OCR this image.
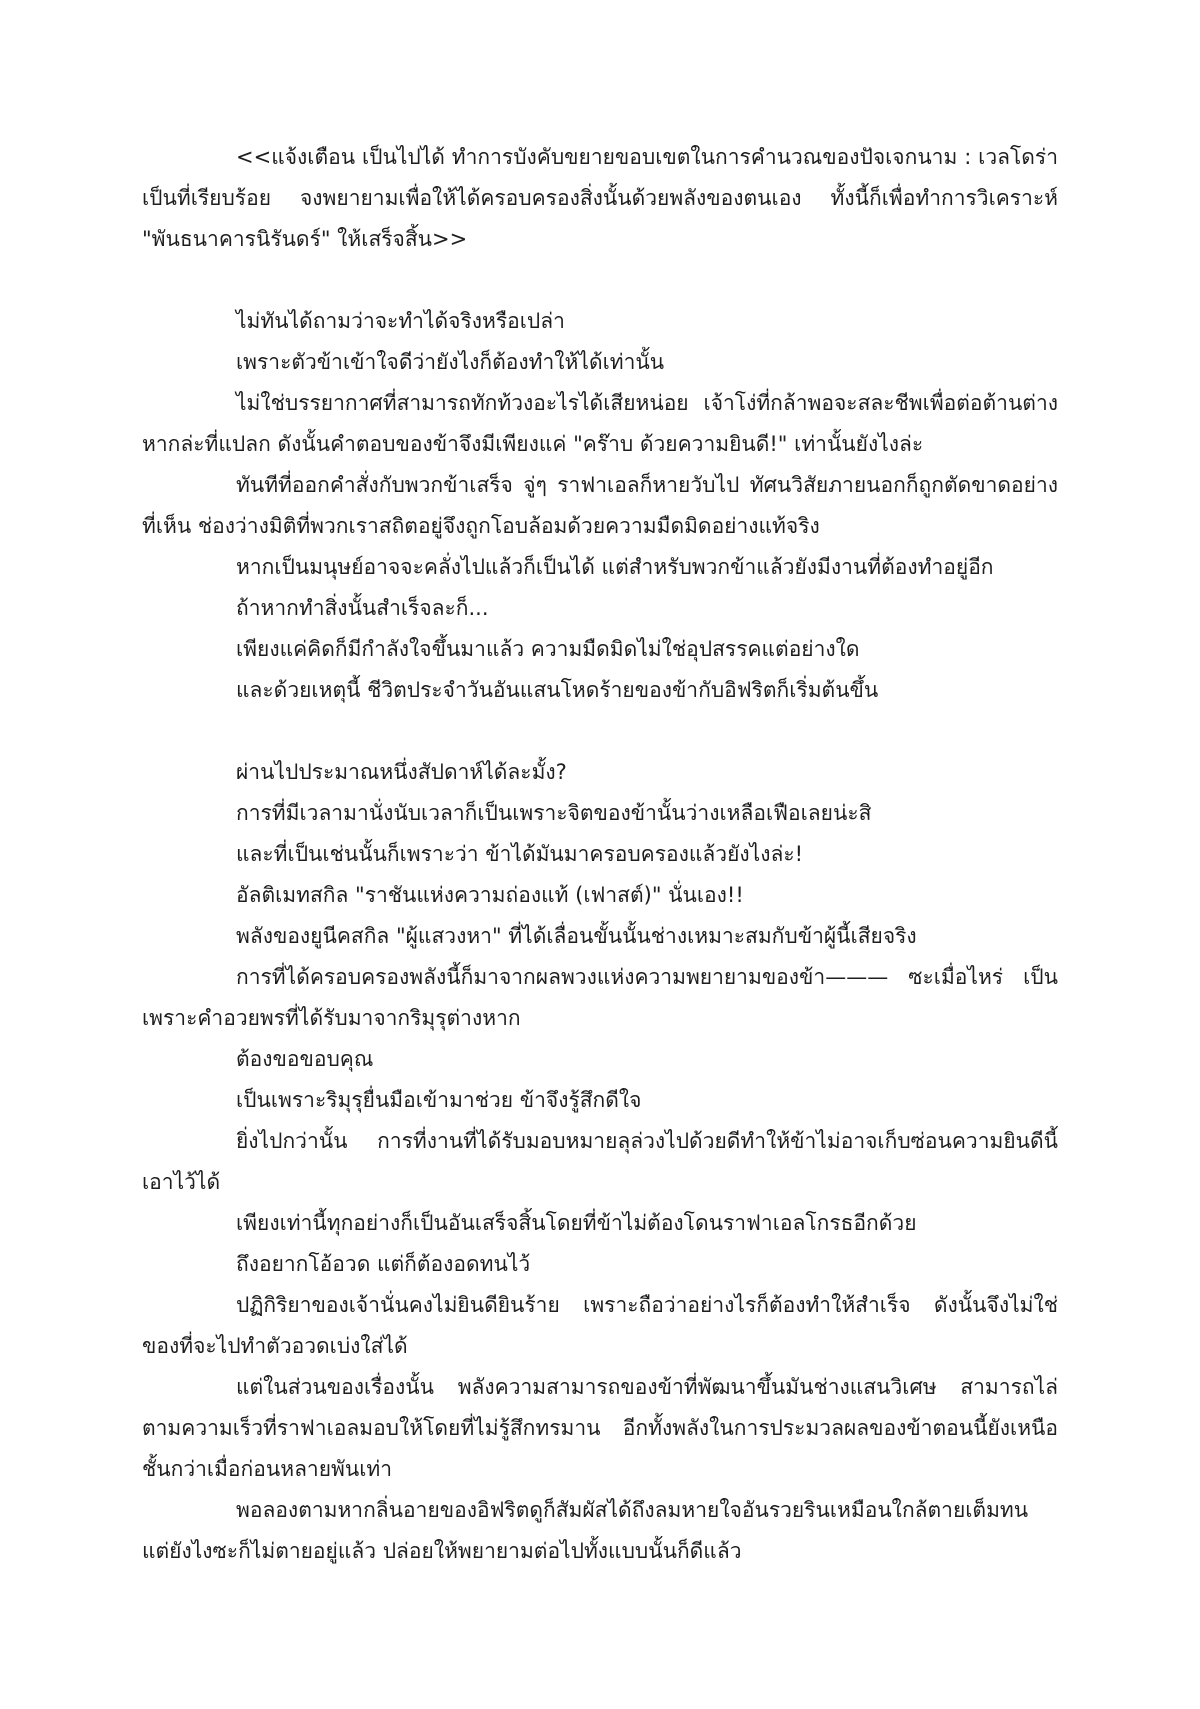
<<แจ้งเตือน เป็นไปได้ ทำการบังคับขยายขอบเขตในการคำนวณของปัจเจกนาม : เวลโดร่า เป็นที่เรียบร้อย จงพยายามเพื่อให้ได้ครอบครองสิ่งนั้นด้วยพลังของตนเอง ทั้งนี้ก็เพื่อทำการวิเคราะห์ "พันธนาคารนิรันดร์" ให้เสร็จสิ้น>>

ไม่ทันได้ถามว่าจะทำได้จริงหรือเปล่า

เพราะตัวข้าเข้าใจดีว่ายังไงก็ต้องทำให้ได้เท่านั้น

ไม่ใช่บรรยากาศที่สามารถทักท้วงอะไรได้เสียหน่อย เจ้าโง่ที่กล้าพอจะสละชีพเพื่อต่อต้านต่างหากล่ะที่แปลก ดังนั้นคำตอบของข้าจึงมีเพียงแค่ "คร๊าบ ด้วยความยินดี!" เท่านั้นยังไงล่ะ

ทันทีที่ออกคำสั่งกับพวกข้าเสร็จ จู่ๆ ราฟาเอลก็หายวับไป ทัศนวิสัยภายนอกก็ถูกตัดขาดอย่างที่เห็น ช่องว่างมิติที่พวกเราสถิตอยู่จึงถูกโอบล้อมด้วยความมืดมิดอย่างแท้จริง

หากเป็นมนุษย์อาจจะคลั่งไปแล้วก็เป็นได้ แต่สำหรับพวกข้าแล้วยังมีงานที่ต้องทำอยู่อีก

ถ้าหากทำสิ่งนั้นสำเร็จละก็...

เพียงแค่คิดก็มีกำลังใจขึ้นมาแล้ว ความมืดมิดไม่ใช่อุปสรรคแต่อย่างใด

และด้วยเหตุนี้ ชีวิตประจำวันอันแสนโหดร้ายของข้ากับอิฟริตก็เริ่มต้นขึ้น

ผ่านไปประมาณหนึ่งสัปดาห์ได้ละมั้ง?

การที่มีเวลามานั่งนับเวลาก็เป็นเพราะจิตของข้านั้นว่างเหลือเฟือเลยน่ะสิ

และที่เป็นเช่นนั้นก็เพราะว่า ข้าได้มันมาครอบครองแล้วยังไงล่ะ!

อัลติเมทสกิล "ราชันแห่งความถ่องแท้ (เฟาสต์)" นั่นเอง!!

พลังของยูนีคสกิล "ผู้แสวงหา" ที่ได้เลื่อนขั้นนั้นช่างเหมาะสมกับข้าผู้นี้เสียจริง

การที่ได้ครอบครองพลังนี้ก็มาจากผลพวงแห่งความพยายามของข้า——— ซะเมื่อไหร่ เป็นเพราะคำอวยพรที่ได้รับมาจากริมุรุต่างหาก

ต้องขอขอบคุณ

เป็นเพราะริมุรุยื่นมือเข้ามาช่วย ข้าจึงรู้สึกดีใจ

ยิ่งไปกว่านั้น การที่งานที่ได้รับมอบหมายลุล่วงไปด้วยดีทำให้ข้าไม่อาจเก็บซ่อนความยินดีนี้เอาไว้ได้

เพียงเท่านี้ทุกอย่างก็เป็นอันเสร็จสิ้นโดยที่ข้าไม่ต้องโดนราฟาเอลโกรธอีกด้วย

ถึงอยากโอ้อวด แต่ก็ต้องอดทนไว้

ปฏิกิริยาของเจ้านั่นคงไม่ยินดียินร้าย เพราะถือว่าอย่างไรก็ต้องทำให้สำเร็จ ดังนั้นจึงไม่ใช่ของที่จะไปทำตัวอวดเบ่งใส่ได้

แต่ในส่วนของเรื่องนั้น พลังความสามารถของข้าที่พัฒนาขึ้นมันช่างแสนวิเศษ สามารถไล่ตามความเร็วที่ราฟาเอลมอบให้โดยที่ไม่รู้สึกทรมาน อีกทั้งพลังในการประมวลผลของข้าตอนนี้ยังเหนือชั้นกว่าเมื่อก่อนหลายพันเท่า

พอลองตามหากลิ่นอายของอิฟริตดูก็สัมผัสได้ถึงลมหายใจอันรวยรินเหมือนใกล้ตายเต็มทน แต่ยังไงซะก็ไม่ตายอยู่แล้ว ปล่อยให้พยายามต่อไปทั้งแบบนั้นก็ดีแล้ว
